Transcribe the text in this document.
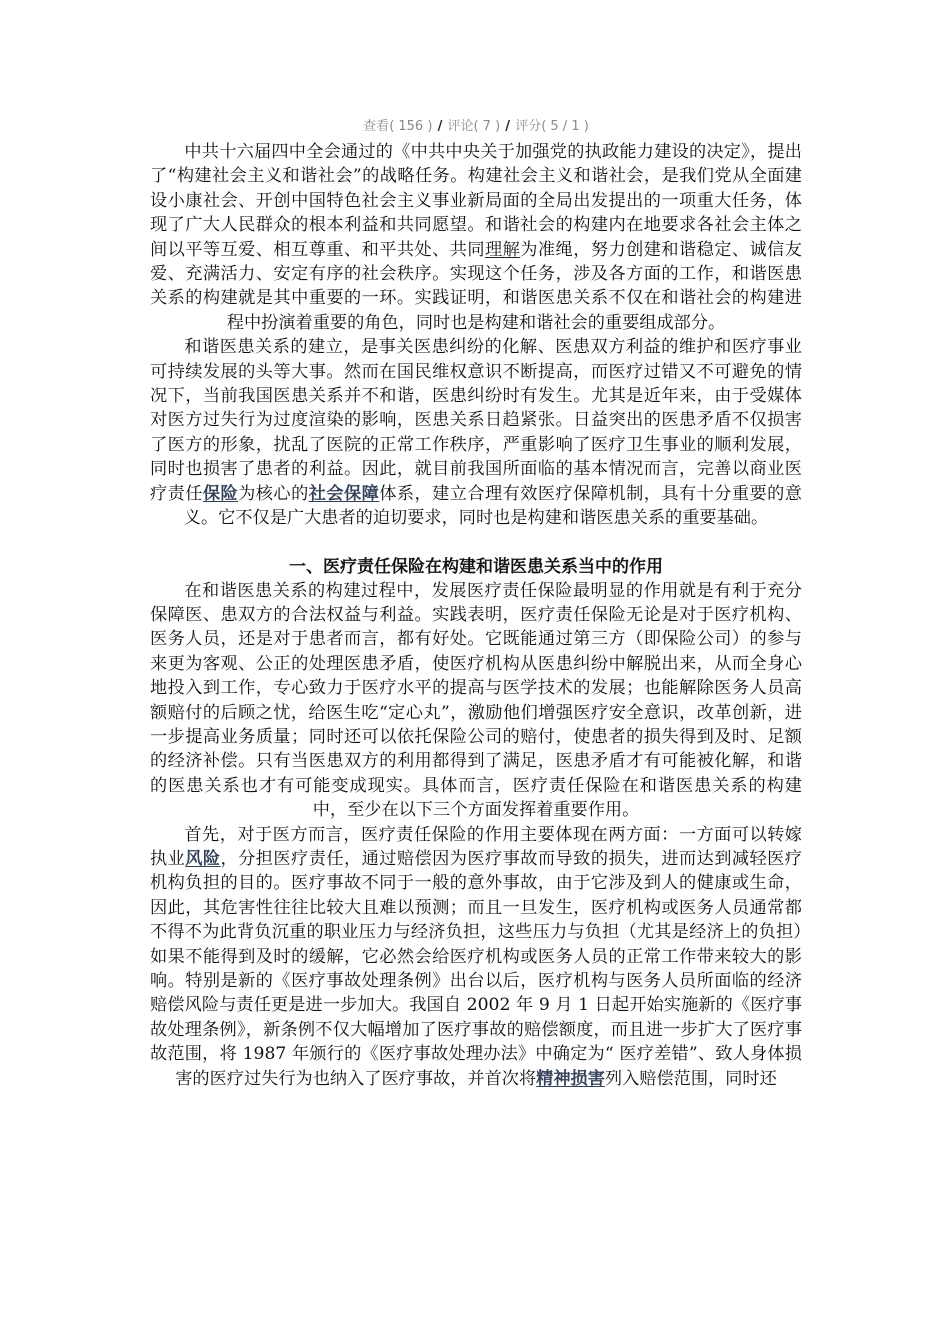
查看( 156 ) / 评论( 7 ) / 评分( 5 / 1 )

中共十六届四中全会通过的《中共中央关于加强党的执政能力建设的决定》，提出了“构建社会主义和谐社会”的战略任务。构建社会主义和谐社会，是我们党从全面建设小康社会、开创中国特色社会主义事业新局面的全局出发提出的一项重大任务，体现了广大人民群众的根本利益和共同愿望。和谐社会的构建内在地要求各社会主体之间以平等互爱、相互尊重、和平共处、共同理解为准绳，努力创建和谐稳定、诚信友爱、充满活力、安定有序的社会秩序。实现这个任务，涉及各方面的工作，和谐医患关系的构建就是其中重要的一环。实践证明，和谐医患关系不仅在和谐社会的构建进程中扮演着重要的角色，同时也是构建和谐社会的重要组成部分。

和谐医患关系的建立，是事关医患纠纷的化解、医患双方利益的维护和医疗事业可持续发展的头等大事。然而在国民维权意识不断提高，而医疗过错又不可避免的情况下，当前我国医患关系并不和谐，医患纠纷时有发生。尤其是近年来，由于受媒体对医方过失行为过度渲染的影响，医患关系日趋紧张。日益突出的医患矛盾不仅损害了医方的形象，扰乱了医院的正常工作秩序，严重影响了医疗卫生事业的顺利发展，同时也损害了患者的利益。因此，就目前我国所面临的基本情况而言，完善以商业医疗责任保险为核心的社会保障体系，建立合理有效医疗保障机制，具有十分重要的意义。它不仅是广大患者的迫切要求，同时也是构建和谐医患关系的重要基础。

一、医疗责任保险在构建和谐医患关系当中的作用

在和谐医患关系的构建过程中，发展医疗责任保险最明显的作用就是有利于充分保障医、患双方的合法权益与利益。实践表明，医疗责任保险无论是对于医疗机构、医务人员，还是对于患者而言，都有好处。它既能通过第三方（即保险公司）的参与来更为客观、公正的处理医患矛盾，使医疗机构从医患纠纷中解脱出来，从而全身心地投入到工作，专心致力于医疗水平的提高与医学技术的发展；也能解除医务人员高额赔付的后顾之忧，给医生吃“定心丸”，激励他们增强医疗安全意识，改革创新，进一步提高业务质量；同时还可以依托保险公司的赔付，使患者的损失得到及时、足额的经济补偿。只有当医患双方的利用都得到了满足，医患矛盾才有可能被化解，和谐的医患关系也才有可能变成现实。具体而言，医疗责任保险在和谐医患关系的构建中，至少在以下三个方面发挥着重要作用。

首先，对于医方而言，医疗责任保险的作用主要体现在两方面：一方面可以转嫁执业风险，分担医疗责任，通过赔偿因为医疗事故而导致的损失，进而达到减轻医疗机构负担的目的。医疗事故不同于一般的意外事故，由于它涉及到人的健康或生命，因此，其危害性往往比较大且难以预测；而且一旦发生，医疗机构或医务人员通常都不得不为此背负沉重的职业压力与经济负担，这些压力与负担（尤其是经济上的负担）如果不能得到及时的缓解，它必然会给医疗机构或医务人员的正常工作带来较大的影响。特别是新的《医疗事故处理条例》出台以后，医疗机构与医务人员所面临的经济赔偿风险与责任更是进一步加大。我国自 2002 年 9 月 1 日起开始实施新的《医疗事故处理条例》，新条例不仅大幅增加了医疗事故的赔偿额度，而且进一步扩大了医疗事故范围，将 1987 年颁行的《医疗事故处理办法》中确定为“ 医疗差错”、致人身体损害的医疗过失行为也纳入了医疗事故，并首次将精神损害列入赔偿范围，同时还
